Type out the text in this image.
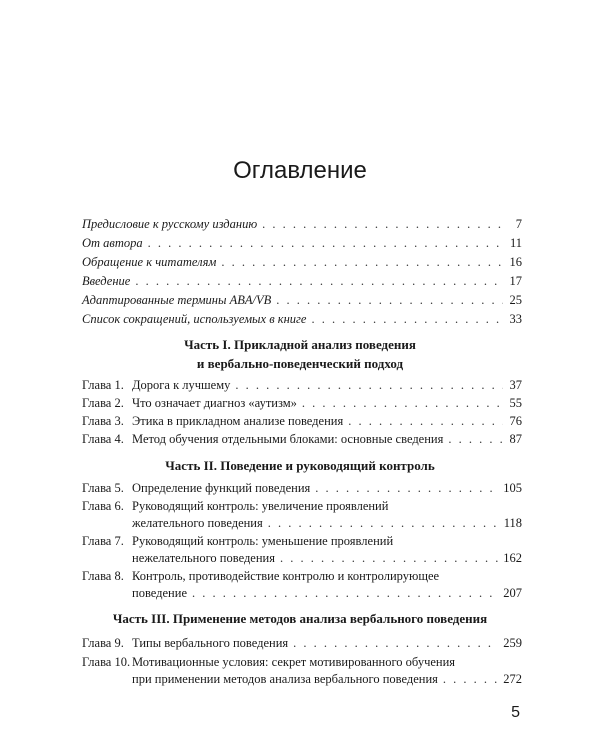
Оглавление
Предисловие к русскому изданию . . .	7
От автора . . .	11
Обращение к читателям . . .	16
Введение . . .	17
Адаптированные термины ABA/VB . . .	25
Список сокращений, используемых в книге . . .	33
Часть I. Прикладной анализ поведения
и вербально-поведенческий подход
Глава 1. Дорога к лучшему . . .	37
Глава 2. Что означает диагноз «аутизм» . . .	55
Глава 3. Этика в прикладном анализе поведения . . .	76
Глава 4. Метод обучения отдельными блоками: основные сведения . . .	87
Часть II. Поведение и руководящий контроль
Глава 5. Определение функций поведения . . .	105
Глава 6. Руководящий контроль: увеличение проявлений
желательного поведения . . .	118
Глава 7. Руководящий контроль: уменьшение проявлений
нежелательного поведения . . .	162
Глава 8. Контроль, противодействие контролю и контролирующее
поведение . . .	207
Часть III. Применение методов анализа вербального поведения
Глава 9. Типы вербального поведения . . .	259
Глава 10. Мотивационные условия: секрет мотивированного обучения
при применении методов анализа вербального поведения . . .	272
5
